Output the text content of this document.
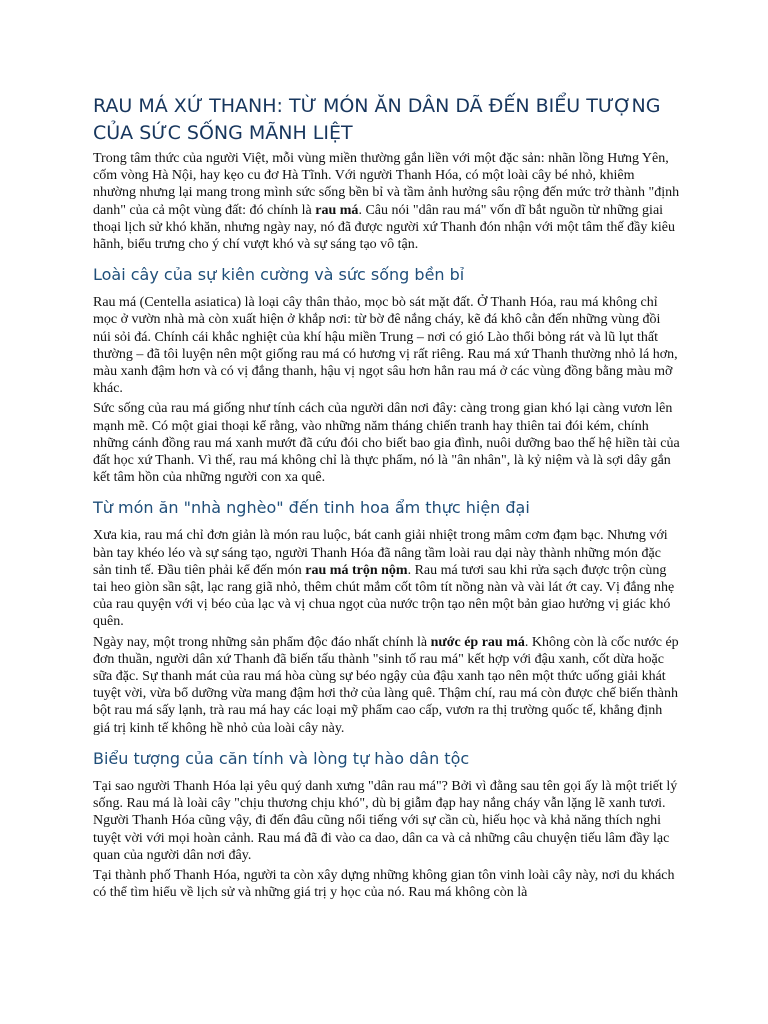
RAU MÁ XỨ THANH: TỪ MÓN ĂN DÂN DÃ ĐẾN BIỂU TƯỢNG CỦA SỨC SỐNG MÃNH LIỆT

Trong tâm thức của người Việt, mỗi vùng miền thường gắn liền với một đặc sản: nhãn lồng Hưng Yên, cốm vòng Hà Nội, hay kẹo cu đơ Hà Tĩnh. Với người Thanh Hóa, có một loài cây bé nhỏ, khiêm nhường nhưng lại mang trong mình sức sống bền bỉ và tầm ảnh hưởng sâu rộng đến mức trở thành "định danh" của cả một vùng đất: đó chính là rau má. Câu nói "dân rau má" vốn dĩ bắt nguồn từ những giai thoại lịch sử khó khăn, nhưng ngày nay, nó đã được người xứ Thanh đón nhận với một tâm thế đầy kiêu hãnh, biểu trưng cho ý chí vượt khó và sự sáng tạo vô tận.

Loài cây của sự kiên cường và sức sống bền bỉ

Rau má (Centella asiatica) là loại cây thân thảo, mọc bò sát mặt đất. Ở Thanh Hóa, rau má không chỉ mọc ở vườn nhà mà còn xuất hiện ở khắp nơi: từ bờ đê nắng cháy, kẽ đá khô cằn đến những vùng đồi núi sỏi đá. Chính cái khắc nghiệt của khí hậu miền Trung – nơi có gió Lào thổi bỏng rát và lũ lụt thất thường – đã tôi luyện nên một giống rau má có hương vị rất riêng. Rau má xứ Thanh thường nhỏ lá hơn, màu xanh đậm hơn và có vị đắng thanh, hậu vị ngọt sâu hơn hẳn rau má ở các vùng đồng bằng màu mỡ khác.

Sức sống của rau má giống như tính cách của người dân nơi đây: càng trong gian khó lại càng vươn lên mạnh mẽ. Có một giai thoại kể rằng, vào những năm tháng chiến tranh hay thiên tai đói kém, chính những cánh đồng rau má xanh mướt đã cứu đói cho biết bao gia đình, nuôi dưỡng bao thế hệ hiền tài của đất học xứ Thanh. Vì thế, rau má không chỉ là thực phẩm, nó là "ân nhân", là kỷ niệm và là sợi dây gắn kết tâm hồn của những người con xa quê.

Từ món ăn "nhà nghèo" đến tinh hoa ẩm thực hiện đại

Xưa kia, rau má chỉ đơn giản là món rau luộc, bát canh giải nhiệt trong mâm cơm đạm bạc. Nhưng với bàn tay khéo léo và sự sáng tạo, người Thanh Hóa đã nâng tầm loài rau dại này thành những món đặc sản tinh tế. Đầu tiên phải kể đến món rau má trộn nộm. Rau má tươi sau khi rửa sạch được trộn cùng tai heo giòn sần sật, lạc rang giã nhỏ, thêm chút mắm cốt tôm tít nồng nàn và vài lát ớt cay. Vị đắng nhẹ của rau quyện với vị béo của lạc và vị chua ngọt của nước trộn tạo nên một bản giao hưởng vị giác khó quên.

Ngày nay, một trong những sản phẩm độc đáo nhất chính là nước ép rau má. Không còn là cốc nước ép đơn thuần, người dân xứ Thanh đã biến tấu thành "sinh tố rau má" kết hợp với đậu xanh, cốt dừa hoặc sữa đặc. Sự thanh mát của rau má hòa cùng sự béo ngậy của đậu xanh tạo nên một thức uống giải khát tuyệt vời, vừa bổ dưỡng vừa mang đậm hơi thở của làng quê. Thậm chí, rau má còn được chế biến thành bột rau má sấy lạnh, trà rau má hay các loại mỹ phẩm cao cấp, vươn ra thị trường quốc tế, khẳng định giá trị kinh tế không hề nhỏ của loài cây này.

Biểu tượng của căn tính và lòng tự hào dân tộc

Tại sao người Thanh Hóa lại yêu quý danh xưng "dân rau má"? Bởi vì đằng sau tên gọi ấy là một triết lý sống. Rau má là loài cây "chịu thương chịu khó", dù bị giẫm đạp hay nắng cháy vẫn lặng lẽ xanh tươi. Người Thanh Hóa cũng vậy, đi đến đâu cũng nổi tiếng với sự cần cù, hiếu học và khả năng thích nghi tuyệt vời với mọi hoàn cảnh. Rau má đã đi vào ca dao, dân ca và cả những câu chuyện tiếu lâm đầy lạc quan của người dân nơi đây.

Tại thành phố Thanh Hóa, người ta còn xây dựng những không gian tôn vinh loài cây này, nơi du khách có thể tìm hiểu về lịch sử và những giá trị y học của nó. Rau má không còn là
